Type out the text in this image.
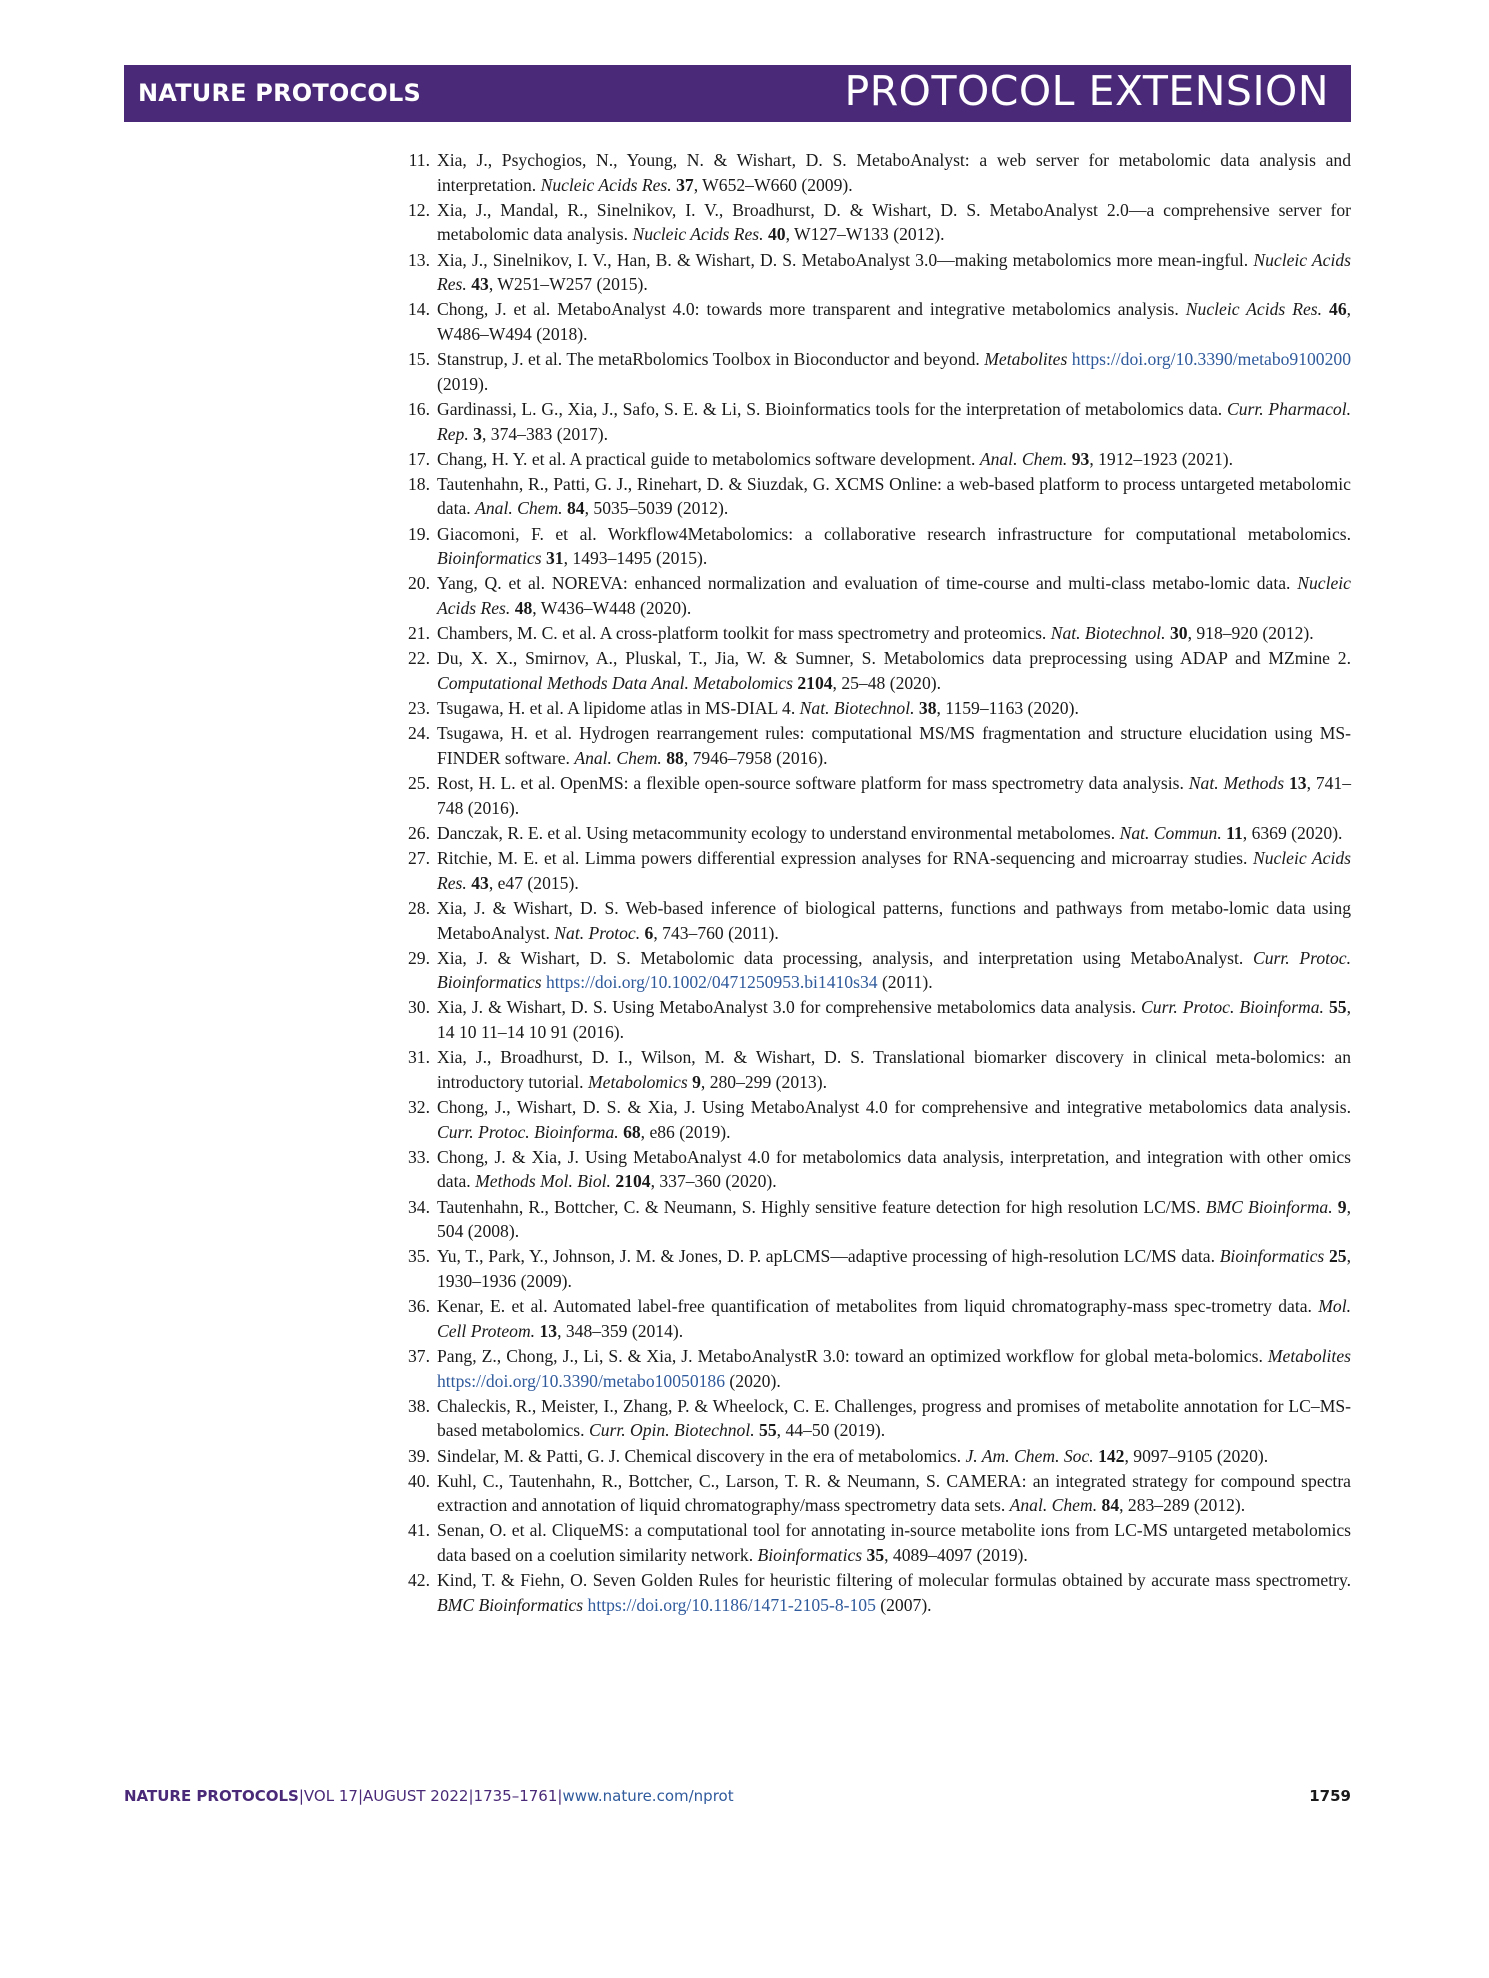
NATURE PROTOCOLS	PROTOCOL EXTENSION
11. Xia, J., Psychogios, N., Young, N. & Wishart, D. S. MetaboAnalyst: a web server for metabolomic data analysis and interpretation. Nucleic Acids Res. 37, W652–W660 (2009).
12. Xia, J., Mandal, R., Sinelnikov, I. V., Broadhurst, D. & Wishart, D. S. MetaboAnalyst 2.0—a comprehensive server for metabolomic data analysis. Nucleic Acids Res. 40, W127–W133 (2012).
13. Xia, J., Sinelnikov, I. V., Han, B. & Wishart, D. S. MetaboAnalyst 3.0—making metabolomics more mean-ingful. Nucleic Acids Res. 43, W251–W257 (2015).
14. Chong, J. et al. MetaboAnalyst 4.0: towards more transparent and integrative metabolomics analysis. Nucleic Acids Res. 46, W486–W494 (2018).
15. Stanstrup, J. et al. The metaRbolomics Toolbox in Bioconductor and beyond. Metabolites https://doi.org/10.3390/metabo9100200 (2019).
16. Gardinassi, L. G., Xia, J., Safo, S. E. & Li, S. Bioinformatics tools for the interpretation of metabolomics data. Curr. Pharmacol. Rep. 3, 374–383 (2017).
17. Chang, H. Y. et al. A practical guide to metabolomics software development. Anal. Chem. 93, 1912–1923 (2021).
18. Tautenhahn, R., Patti, G. J., Rinehart, D. & Siuzdak, G. XCMS Online: a web-based platform to process untargeted metabolomic data. Anal. Chem. 84, 5035–5039 (2012).
19. Giacomoni, F. et al. Workflow4Metabolomics: a collaborative research infrastructure for computational metabolomics. Bioinformatics 31, 1493–1495 (2015).
20. Yang, Q. et al. NOREVA: enhanced normalization and evaluation of time-course and multi-class metabo-lomic data. Nucleic Acids Res. 48, W436–W448 (2020).
21. Chambers, M. C. et al. A cross-platform toolkit for mass spectrometry and proteomics. Nat. Biotechnol. 30, 918–920 (2012).
22. Du, X. X., Smirnov, A., Pluskal, T., Jia, W. & Sumner, S. Metabolomics data preprocessing using ADAP and MZmine 2. Computational Methods Data Anal. Metabolomics 2104, 25–48 (2020).
23. Tsugawa, H. et al. A lipidome atlas in MS-DIAL 4. Nat. Biotechnol. 38, 1159–1163 (2020).
24. Tsugawa, H. et al. Hydrogen rearrangement rules: computational MS/MS fragmentation and structure elucidation using MS-FINDER software. Anal. Chem. 88, 7946–7958 (2016).
25. Rost, H. L. et al. OpenMS: a flexible open-source software platform for mass spectrometry data analysis. Nat. Methods 13, 741–748 (2016).
26. Danczak, R. E. et al. Using metacommunity ecology to understand environmental metabolomes. Nat. Commun. 11, 6369 (2020).
27. Ritchie, M. E. et al. Limma powers differential expression analyses for RNA-sequencing and microarray studies. Nucleic Acids Res. 43, e47 (2015).
28. Xia, J. & Wishart, D. S. Web-based inference of biological patterns, functions and pathways from metabo-lomic data using MetaboAnalyst. Nat. Protoc. 6, 743–760 (2011).
29. Xia, J. & Wishart, D. S. Metabolomic data processing, analysis, and interpretation using MetaboAnalyst. Curr. Protoc. Bioinformatics https://doi.org/10.1002/0471250953.bi1410s34 (2011).
30. Xia, J. & Wishart, D. S. Using MetaboAnalyst 3.0 for comprehensive metabolomics data analysis. Curr. Protoc. Bioinforma. 55, 14 10 11–14 10 91 (2016).
31. Xia, J., Broadhurst, D. I., Wilson, M. & Wishart, D. S. Translational biomarker discovery in clinical meta-bolomics: an introductory tutorial. Metabolomics 9, 280–299 (2013).
32. Chong, J., Wishart, D. S. & Xia, J. Using MetaboAnalyst 4.0 for comprehensive and integrative metabolomics data analysis. Curr. Protoc. Bioinforma. 68, e86 (2019).
33. Chong, J. & Xia, J. Using MetaboAnalyst 4.0 for metabolomics data analysis, interpretation, and integration with other omics data. Methods Mol. Biol. 2104, 337–360 (2020).
34. Tautenhahn, R., Bottcher, C. & Neumann, S. Highly sensitive feature detection for high resolution LC/MS. BMC Bioinforma. 9, 504 (2008).
35. Yu, T., Park, Y., Johnson, J. M. & Jones, D. P. apLCMS—adaptive processing of high-resolution LC/MS data. Bioinformatics 25, 1930–1936 (2009).
36. Kenar, E. et al. Automated label-free quantification of metabolites from liquid chromatography-mass spec-trometry data. Mol. Cell Proteom. 13, 348–359 (2014).
37. Pang, Z., Chong, J., Li, S. & Xia, J. MetaboAnalystR 3.0: toward an optimized workflow for global meta-bolomics. Metabolites https://doi.org/10.3390/metabo10050186 (2020).
38. Chaleckis, R., Meister, I., Zhang, P. & Wheelock, C. E. Challenges, progress and promises of metabolite annotation for LC–MS-based metabolomics. Curr. Opin. Biotechnol. 55, 44–50 (2019).
39. Sindelar, M. & Patti, G. J. Chemical discovery in the era of metabolomics. J. Am. Chem. Soc. 142, 9097–9105 (2020).
40. Kuhl, C., Tautenhahn, R., Bottcher, C., Larson, T. R. & Neumann, S. CAMERA: an integrated strategy for compound spectra extraction and annotation of liquid chromatography/mass spectrometry data sets. Anal. Chem. 84, 283–289 (2012).
41. Senan, O. et al. CliqueMS: a computational tool for annotating in-source metabolite ions from LC-MS untargeted metabolomics data based on a coelution similarity network. Bioinformatics 35, 4089–4097 (2019).
42. Kind, T. & Fiehn, O. Seven Golden Rules for heuristic filtering of molecular formulas obtained by accurate mass spectrometry. BMC Bioinformatics https://doi.org/10.1186/1471-2105-8-105 (2007).
NATURE PROTOCOLS|VOL 17|AUGUST 2022|1735–1761|www.nature.com/nprot	1759
